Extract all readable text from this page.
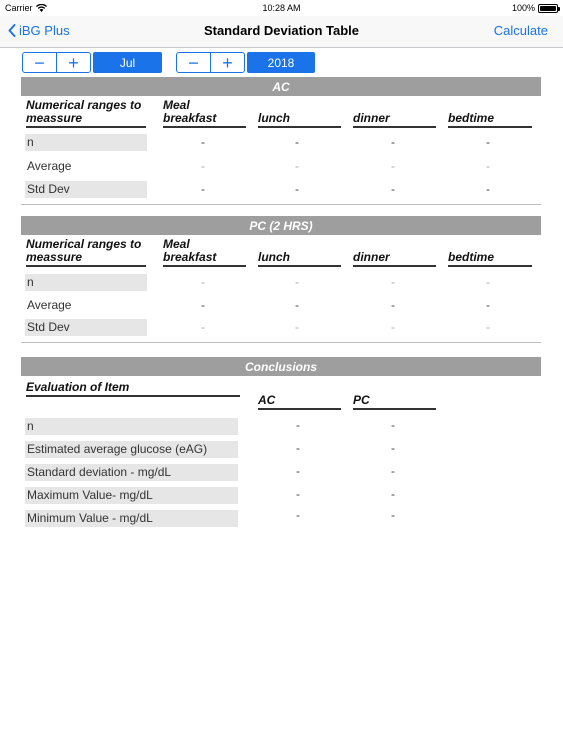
Carrier	10:28 AM	100%
iBG Plus	Standard Deviation Table	Calculate
− +	Jul	− +	2018
AC
Numerical ranges to meassure
Meal breakfast	lunch	dinner	bedtime
n	-	-	-	-
Average	-	-	-	-
Std Dev	-	-	-	-
PC (2 HRS)
Numerical ranges to meassure
Meal breakfast	lunch	dinner	bedtime
n	-	-	-	-
Average	-	-	-	-
Std Dev	-	-	-	-
Conclusions
Evaluation of Item
AC	PC
n	-	-
Estimated average glucose (eAG)	-	-
Standard deviation - mg/dL	-	-
Maximum Value- mg/dL	-	-
Minimum Value - mg/dL	-	-
